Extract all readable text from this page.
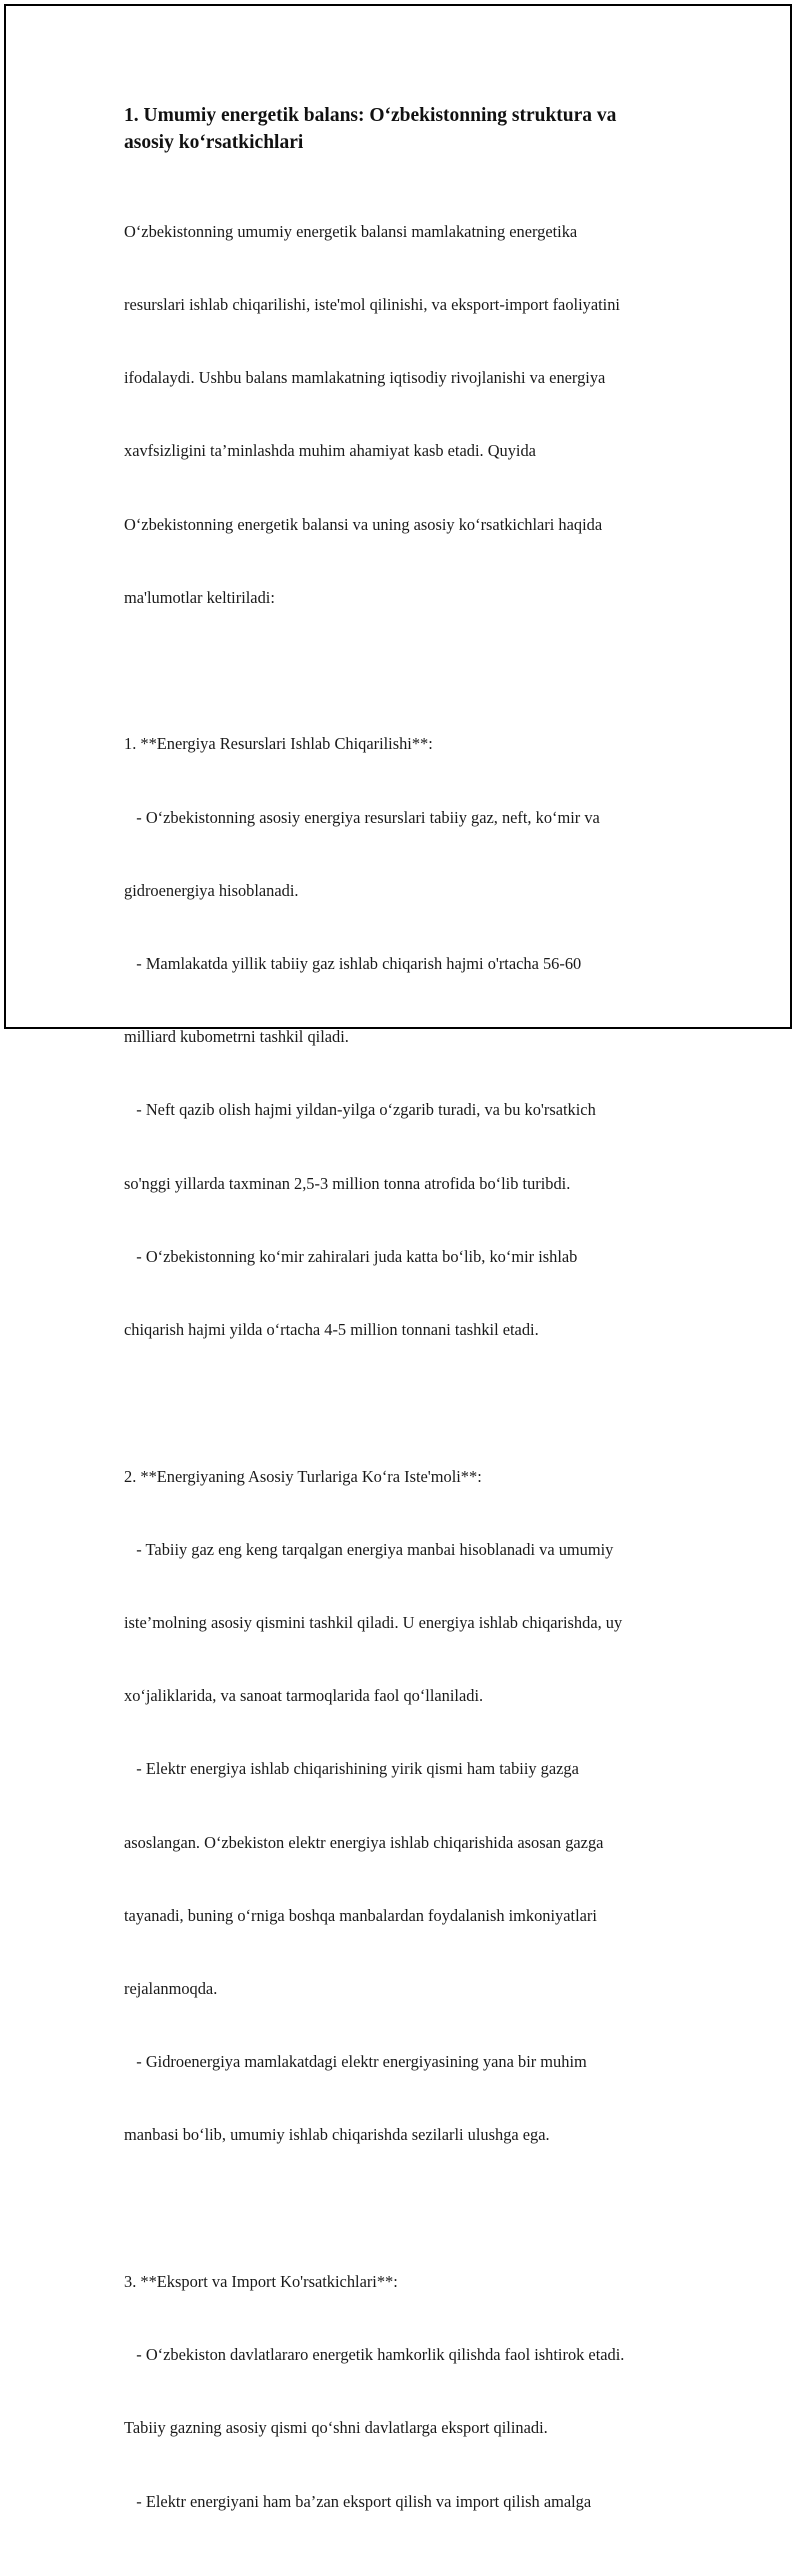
1. Umumiy energetik balans: O‘zbekistonning struktura va
asosiy ko‘rsatkichlari

O‘zbekistonning umumiy energetik balansi mamlakatning energetika

resurslari ishlab chiqarilishi, iste'mol qilinishi, va eksport-import faoliyatini

ifodalaydi. Ushbu balans mamlakatning iqtisodiy rivojlanishi va energiya

xavfsizligini ta’minlashda muhim ahamiyat kasb etadi. Quyida

O‘zbekistonning energetik balansi va uning asosiy ko‘rsatkichlari haqida

ma'lumotlar keltiriladi:

1. **Energiya Resurslari Ishlab Chiqarilishi**:

- O‘zbekistonning asosiy energiya resurslari tabiiy gaz, neft, ko‘mir va

gidroenergiya hisoblanadi.

- Mamlakatda yillik tabiiy gaz ishlab chiqarish hajmi o'rtacha 56-60

milliard kubometrni tashkil qiladi.

- Neft qazib olish hajmi yildan-yilga o‘zgarib turadi, va bu ko'rsatkich

so'nggi yillarda taxminan 2,5-3 million tonna atrofida bo‘lib turibdi.

- O‘zbekistonning ko‘mir zahiralari juda katta bo‘lib, ko‘mir ishlab

chiqarish hajmi yilda o‘rtacha 4-5 million tonnani tashkil etadi.

2. **Energiyaning Asosiy Turlariga Ko‘ra Iste'moli**:

- Tabiiy gaz eng keng tarqalgan energiya manbai hisoblanadi va umumiy

iste’molning asosiy qismini tashkil qiladi. U energiya ishlab chiqarishda, uy

xo‘jaliklarida, va sanoat tarmoqlarida faol qo‘llaniladi.

- Elektr energiya ishlab chiqarishining yirik qismi ham tabiiy gazga

asoslangan. O‘zbekiston elektr energiya ishlab chiqarishida asosan gazga

tayanadi, buning o‘rniga boshqa manbalardan foydalanish imkoniyatlari

rejalanmoqda.

- Gidroenergiya mamlakatdagi elektr energiyasining yana bir muhim

manbasi bo‘lib, umumiy ishlab chiqarishda sezilarli ulushga ega.

3. **Eksport va Import Ko'rsatkichlari**:

- O‘zbekiston davlatlararo energetik hamkorlik qilishda faol ishtirok etadi.

Tabiiy gazning asosiy qismi qo‘shni davlatlarga eksport qilinadi.

- Elektr energiyani ham ba’zan eksport qilish va import qilish amalga
